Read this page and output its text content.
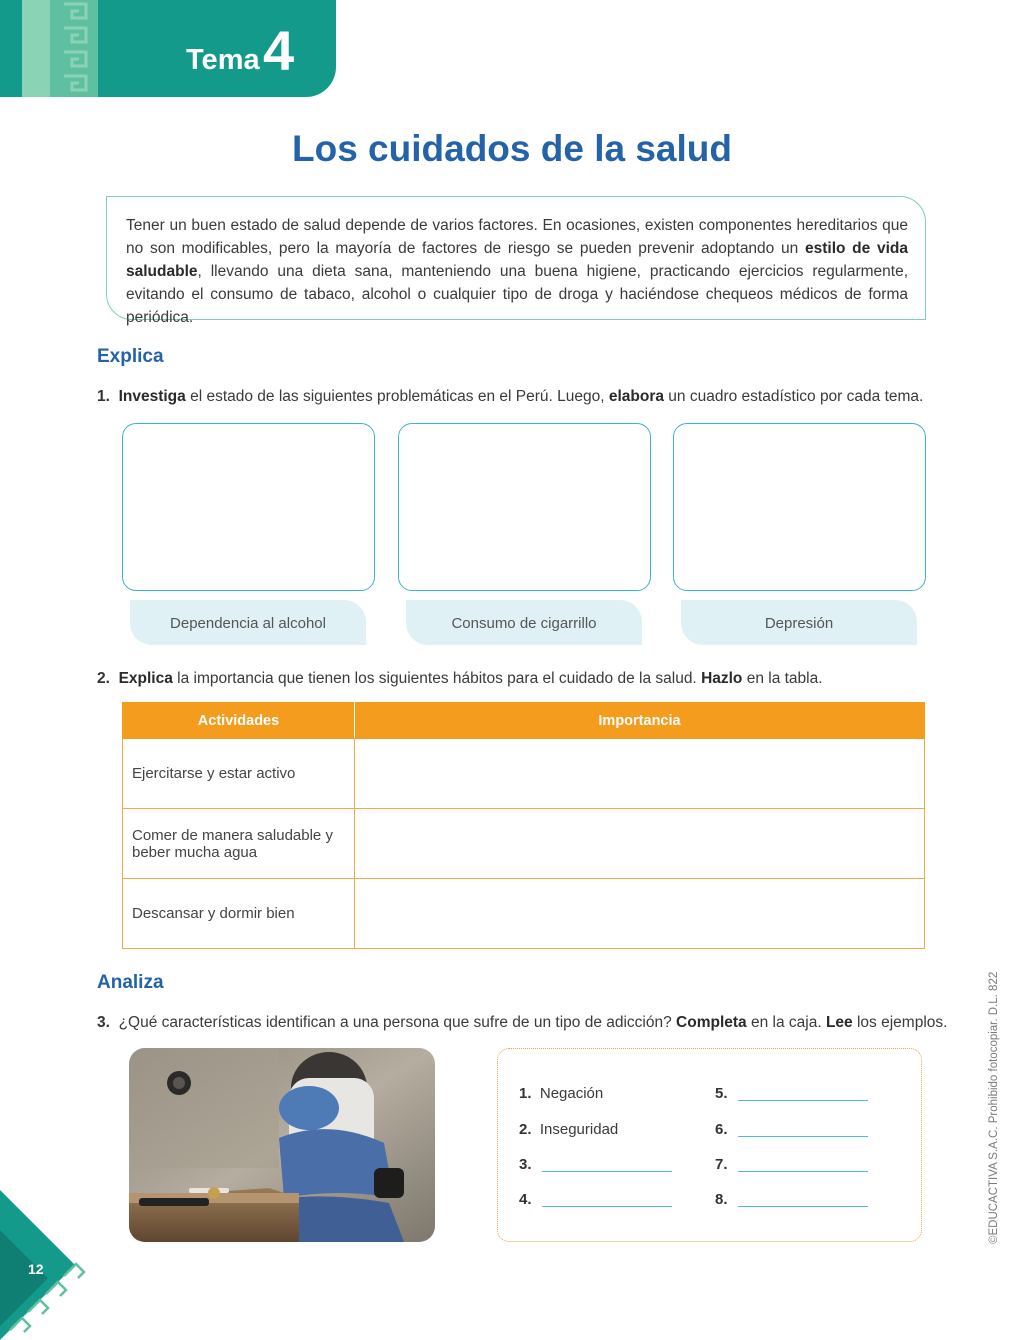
Tema 4
Los cuidados de la salud
Tener un buen estado de salud depende de varios factores. En ocasiones, existen componentes hereditarios que no son modificables, pero la mayoría de factores de riesgo se pueden prevenir adoptando un estilo de vida saludable, llevando una dieta sana, manteniendo una buena higiene, practicando ejercicios regularmente, evitando el consumo de tabaco, alcohol o cualquier tipo de droga y haciéndose chequeos médicos de forma periódica.
Explica
1. Investiga el estado de las siguientes problemáticas en el Perú. Luego, elabora un cuadro estadístico por cada tema.
Dependencia al alcohol	Consumo de cigarrillo	Depresión
2. Explica la importancia que tienen los siguientes hábitos para el cuidado de la salud. Hazlo en la tabla.
Actividades	Importancia
Ejercitarse y estar activo	
Comer de manera saludable y beber mucha agua	
Descansar y dormir bien	
Analiza
3. ¿Qué características identifican a una persona que sufre de un tipo de adicción? Completa en la caja. Lee los ejemplos.
1. Negación
2. Inseguridad
3.
4.
5.
6.
7.
8.	©EDUCACTIVA S.A.C. Prohibido fotocopiar. D.L. 822
12
